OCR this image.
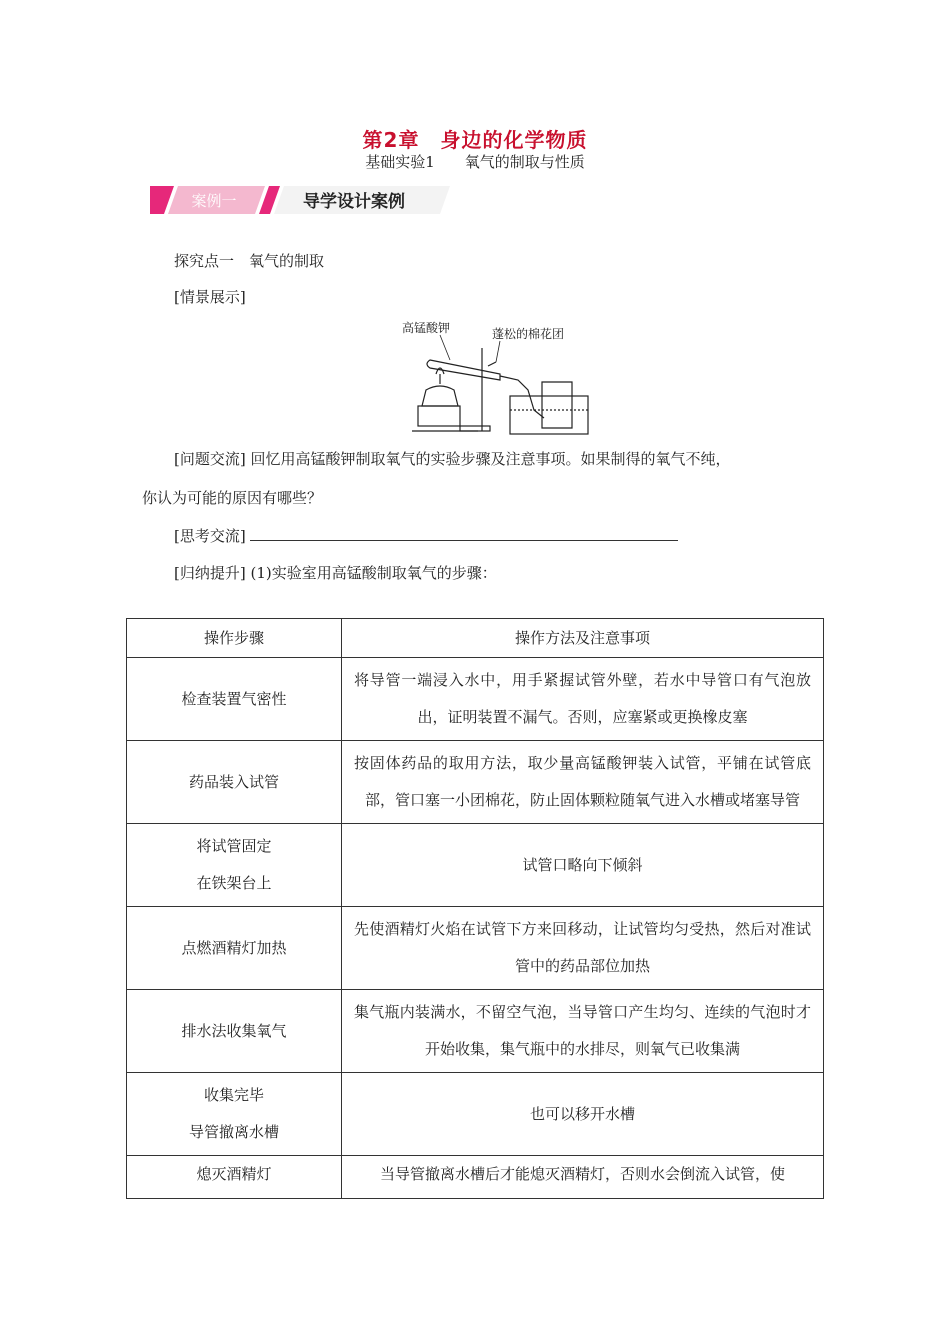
第2章　身边的化学物质
基础实验1　　氧气的制取与性质
案例一	导学设计案例
探究点一　氧气的制取
[情景展示]
高锰酸钾	蓬松的棉花团
[问题交流] 回忆用高锰酸钾制取氧气的实验步骤及注意事项。如果制得的氧气不纯，
你认为可能的原因有哪些？
[思考交流]
[归纳提升] (1)实验室用高锰酸制取氧气的步骤：
操作步骤	操作方法及注意事项
检查装置气密性	将导管一端浸入水中，用手紧握试管外壁，若水中导管口有气泡放出，证明装置不漏气。否则，应塞紧或更换橡皮塞
药品装入试管	按固体药品的取用方法，取少量高锰酸钾装入试管，平铺在试管底部，管口塞一小团棉花，防止固体颗粒随氧气进入水槽或堵塞导管

将试管固定
在铁架台上	试管口略向下倾斜
点燃酒精灯加热	先使酒精灯火焰在试管下方来回移动，让试管均匀受热，然后对准试管中的药品部位加热
排水法收集氧气	集气瓶内装满水，不留空气泡，当导管口产生均匀、连续的气泡时才开始收集，集气瓶中的水排尽，则氧气已收集满

收集完毕
导管撤离水槽	也可以移开水槽
熄灭酒精灯	当导管撤离水槽后才能熄灭酒精灯，否则水会倒流入试管，使
